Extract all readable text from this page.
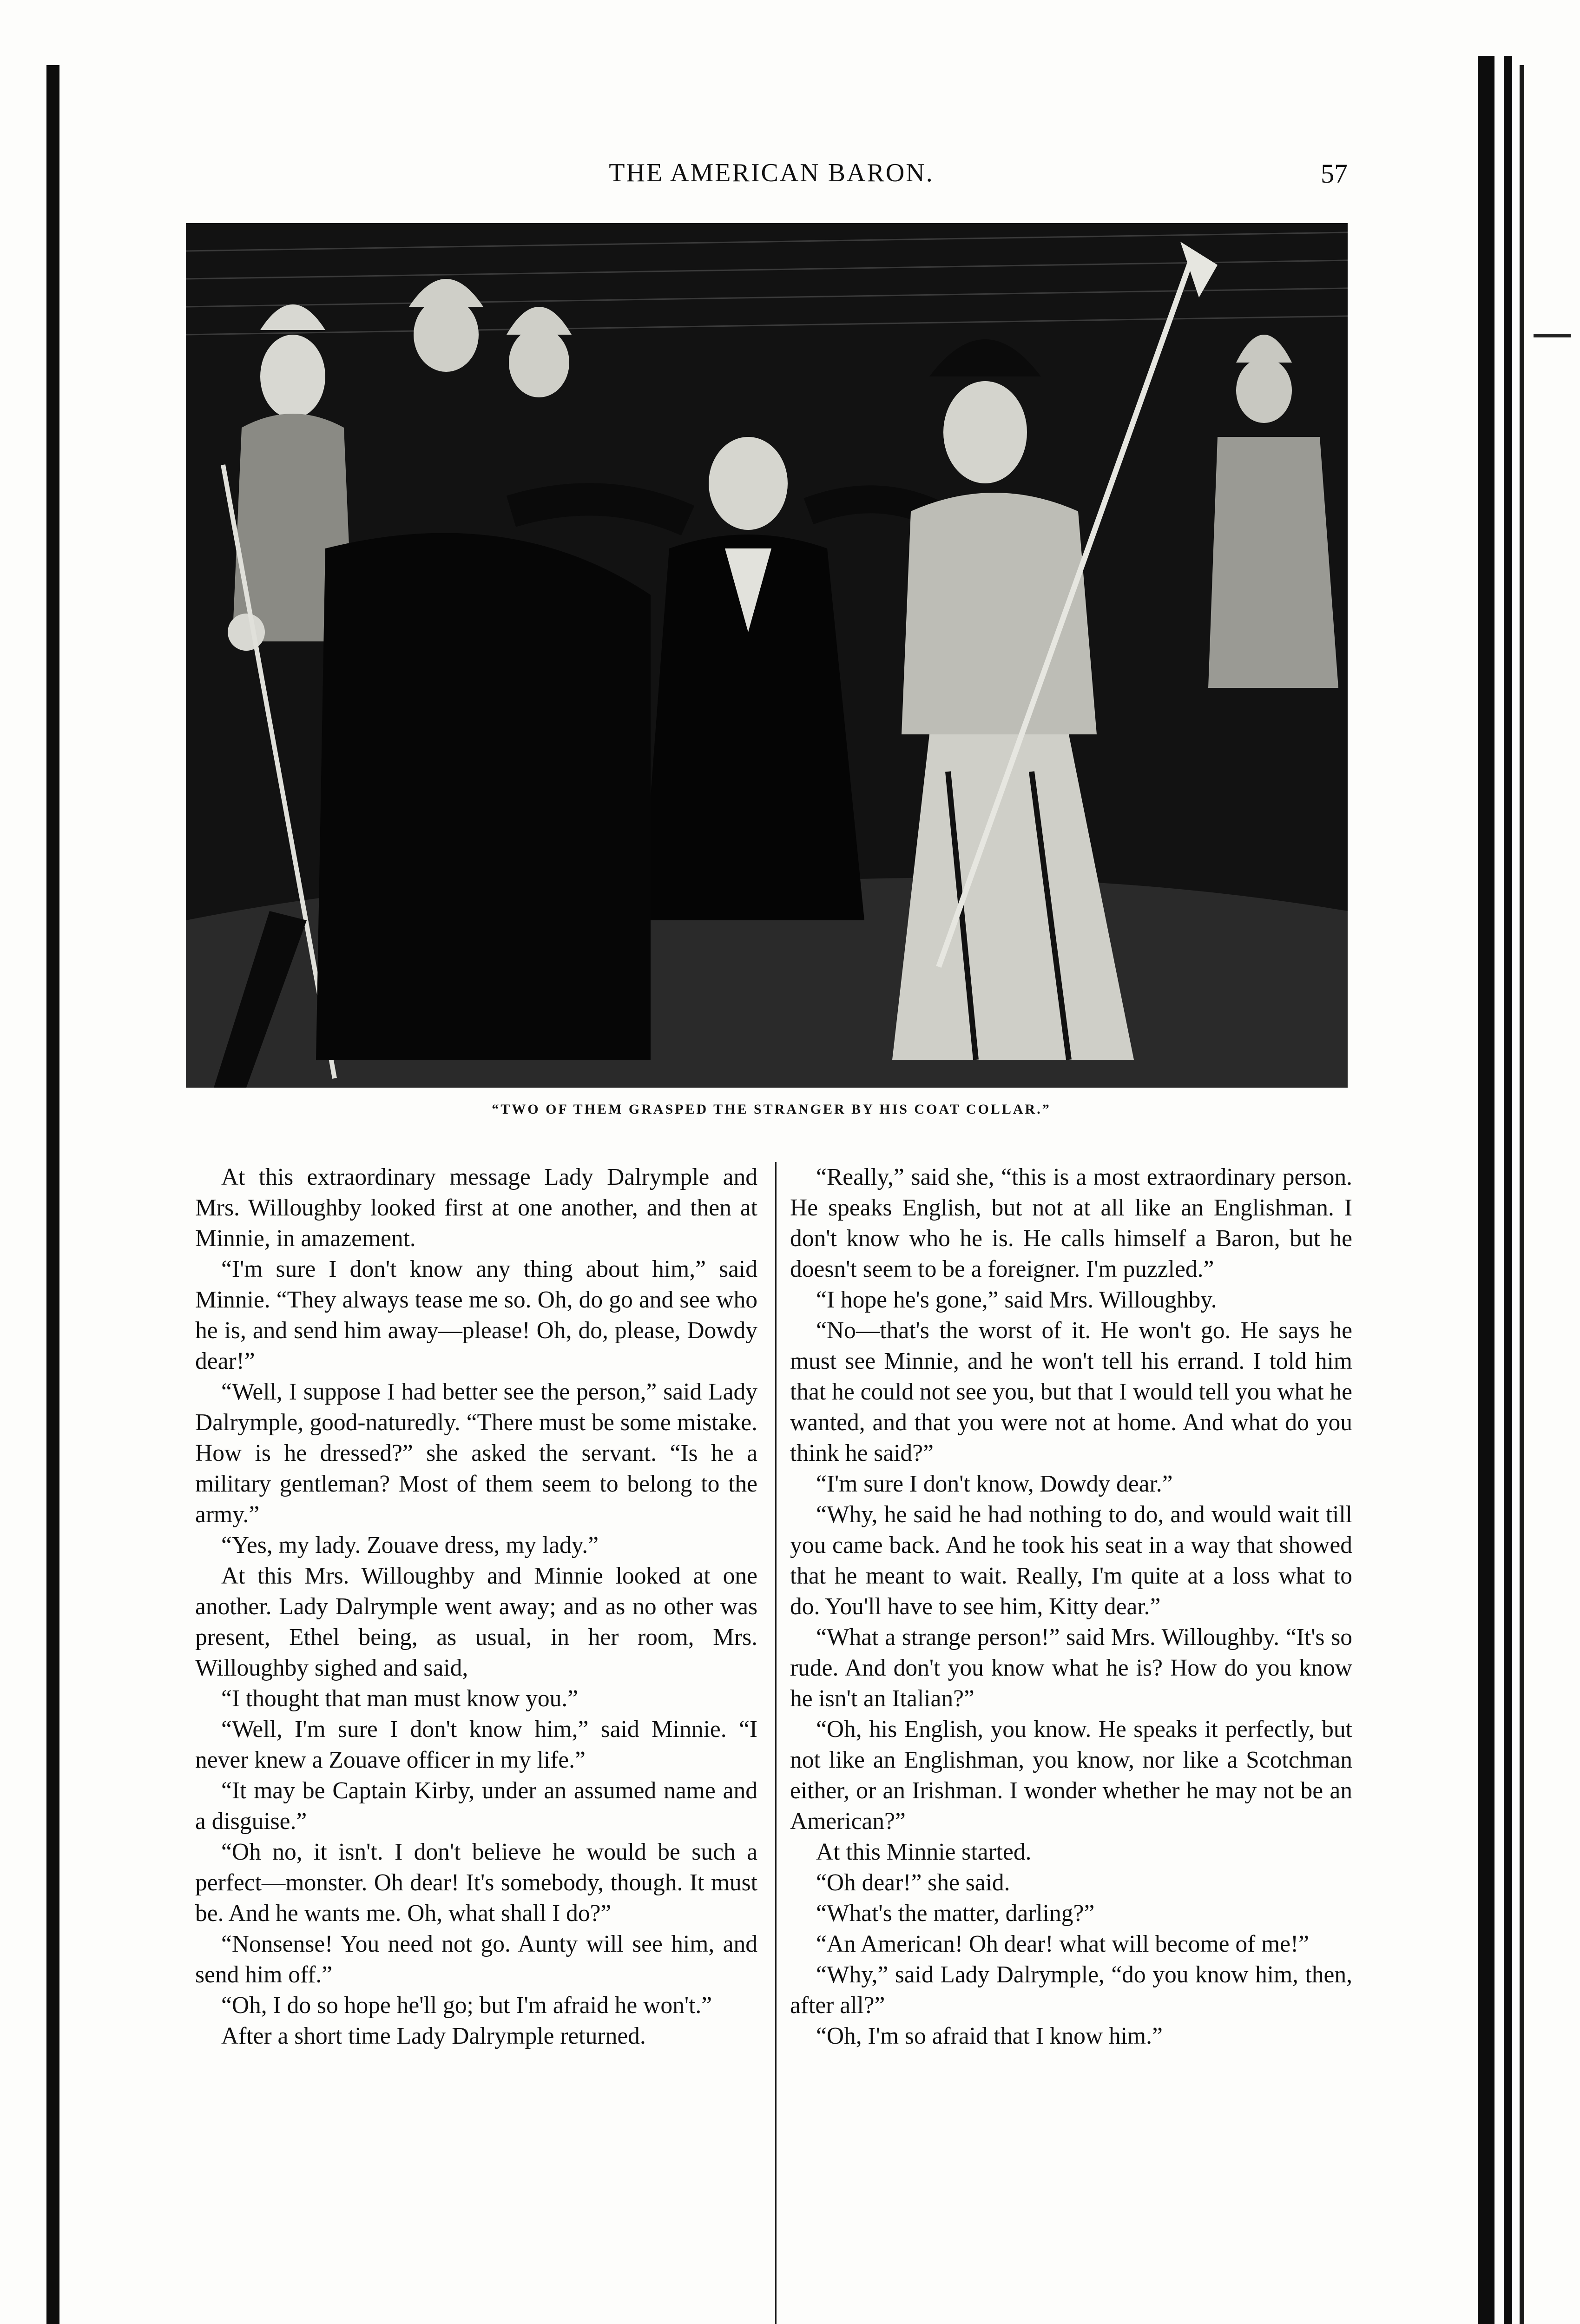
THE AMERICAN BARON.	57
“TWO OF THEM GRASPED THE STRANGER BY HIS COAT COLLAR.”

At this extraordinary message Lady Dalrymple and Mrs. Willoughby looked first at one another, and then at Minnie, in amazement.

“I'm sure I don't know any thing about him,” said Minnie. “They always tease me so. Oh, do go and see who he is, and send him away—please! Oh, do, please, Dowdy dear!”

“Well, I suppose I had better see the person,” said Lady Dalrymple, good-naturedly. “There must be some mistake. How is he dressed?” she asked the servant. “Is he a military gentleman? Most of them seem to belong to the army.”

“Yes, my lady. Zouave dress, my lady.”

At this Mrs. Willoughby and Minnie looked at one another. Lady Dalrymple went away; and as no other was present, Ethel being, as usual, in her room, Mrs. Willoughby sighed and said,

“I thought that man must know you.”

“Well, I'm sure I don't know him,” said Minnie. “I never knew a Zouave officer in my life.”

“It may be Captain Kirby, under an assumed name and a disguise.”

“Oh no, it isn't. I don't believe he would be such a perfect—monster. Oh dear! It's somebody, though. It must be. And he wants me. Oh, what shall I do?”

“Nonsense! You need not go. Aunty will see him, and send him off.”

“Oh, I do so hope he'll go; but I'm afraid he won't.”

After a short time Lady Dalrymple returned.

“Really,” said she, “this is a most extraordinary person. He speaks English, but not at all like an Englishman. I don't know who he is. He calls himself a Baron, but he doesn't seem to be a foreigner. I'm puzzled.”

“I hope he's gone,” said Mrs. Willoughby.

“No—that's the worst of it. He won't go. He says he must see Minnie, and he won't tell his errand. I told him that he could not see you, but that I would tell you what he wanted, and that you were not at home. And what do you think he said?”

“I'm sure I don't know, Dowdy dear.”

“Why, he said he had nothing to do, and would wait till you came back. And he took his seat in a way that showed that he meant to wait. Really, I'm quite at a loss what to do. You'll have to see him, Kitty dear.”

“What a strange person!” said Mrs. Willoughby. “It's so rude. And don't you know what he is? How do you know he isn't an Italian?”

“Oh, his English, you know. He speaks it perfectly, but not like an Englishman, you know, nor like a Scotchman either, or an Irishman. I wonder whether he may not be an American?”

At this Minnie started.

“Oh dear!” she said.

“What's the matter, darling?”

“An American! Oh dear! what will become of me!”

“Why,” said Lady Dalrymple, “do you know him, then, after all?”

“Oh, I'm so afraid that I know him.”
